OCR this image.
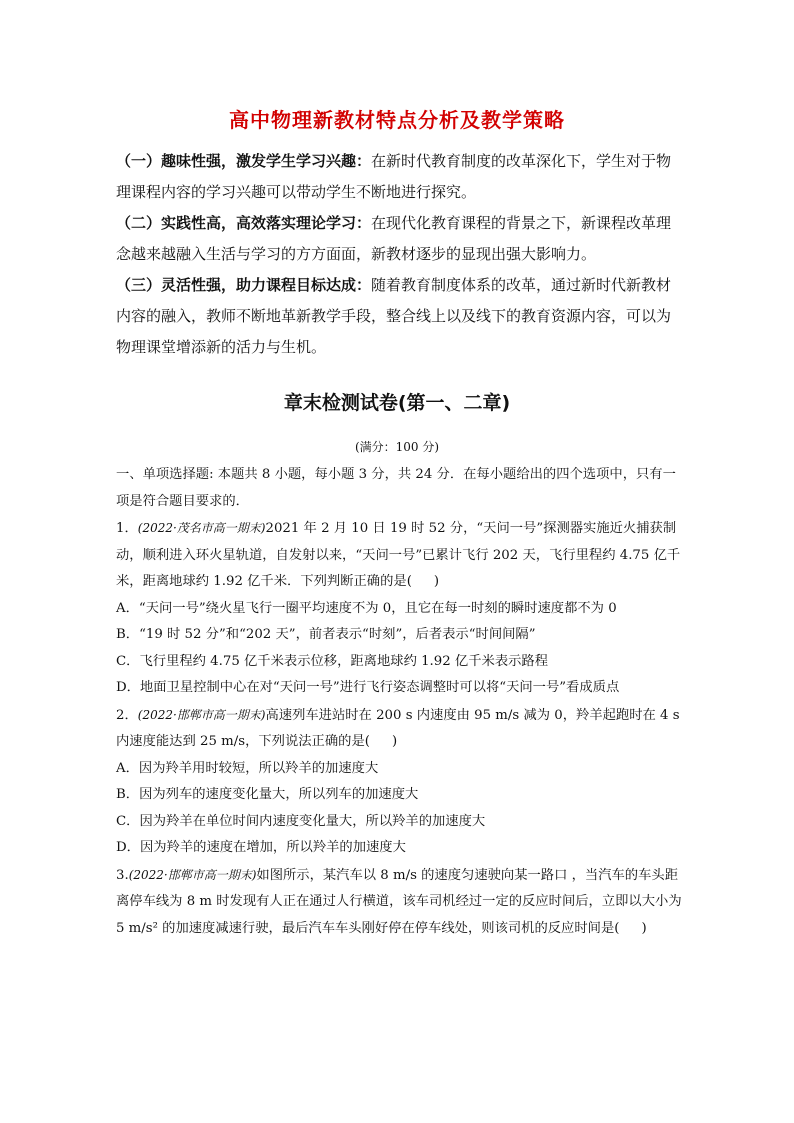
高中物理新教材特点分析及教学策略

（一）趣味性强，激发学生学习兴趣：在新时代教育制度的改革深化下，学生对于物理课程内容的学习兴趣可以带动学生不断地进行探究。

（二）实践性高，高效落实理论学习：在现代化教育课程的背景之下，新课程改革理念越来越融入生活与学习的方方面面，新教材逐步的显现出强大影响力。

（三）灵活性强，助力课程目标达成：随着教育制度体系的改革，通过新时代新教材内容的融入，教师不断地革新教学手段，整合线上以及线下的教育资源内容，可以为物理课堂增添新的活力与生机。

章末检测试卷(第一、二章)
(满分：100 分)

一、单项选择题: 本题共 8 小题，每小题 3 分，共 24 分．在每小题给出的四个选项中，只有一项是符合题目要求的．

1．(2022·茂名市高一期末)2021 年 2 月 10 日 19 时 52 分，“天问一号”探测器实施近火捕获制动，顺利进入环火星轨道，自发射以来，“天问一号”已累计飞行 202 天，飞行里程约 4.75 亿千米，距离地球约 1.92 亿千米．下列判断正确的是( )

A．“天问一号”绕火星飞行一圈平均速度不为 0，且它在每一时刻的瞬时速度都不为 0

B．“19 时 52 分”和“202 天”，前者表示“时刻”，后者表示“时间间隔”

C．飞行里程约 4.75 亿千米表示位移，距离地球约 1.92 亿千米表示路程

D．地面卫星控制中心在对“天问一号”进行飞行姿态调整时可以将“天问一号”看成质点

2．(2022·邯郸市高一期末)高速列车进站时在 200 s 内速度由 95 m/s 减为 0，羚羊起跑时在 4 s 内速度能达到 25 m/s，下列说法正确的是( )

A．因为羚羊用时较短，所以羚羊的加速度大

B．因为列车的速度变化量大，所以列车的加速度大

C．因为羚羊在单位时间内速度变化量大，所以羚羊的加速度大

D．因为羚羊的速度在增加，所以羚羊的加速度大

3.(2022·邯郸市高一期末)如图所示，某汽车以 8 m/s 的速度匀速驶向某一路口 ，当汽车的车头距离停车线为 8 m 时发现有人正在通过人行横道，该车司机经过一定的反应时间后，立即以大小为 5 m/s² 的加速度减速行驶，最后汽车车头刚好停在停车线处，则该司机的反应时间是( )
